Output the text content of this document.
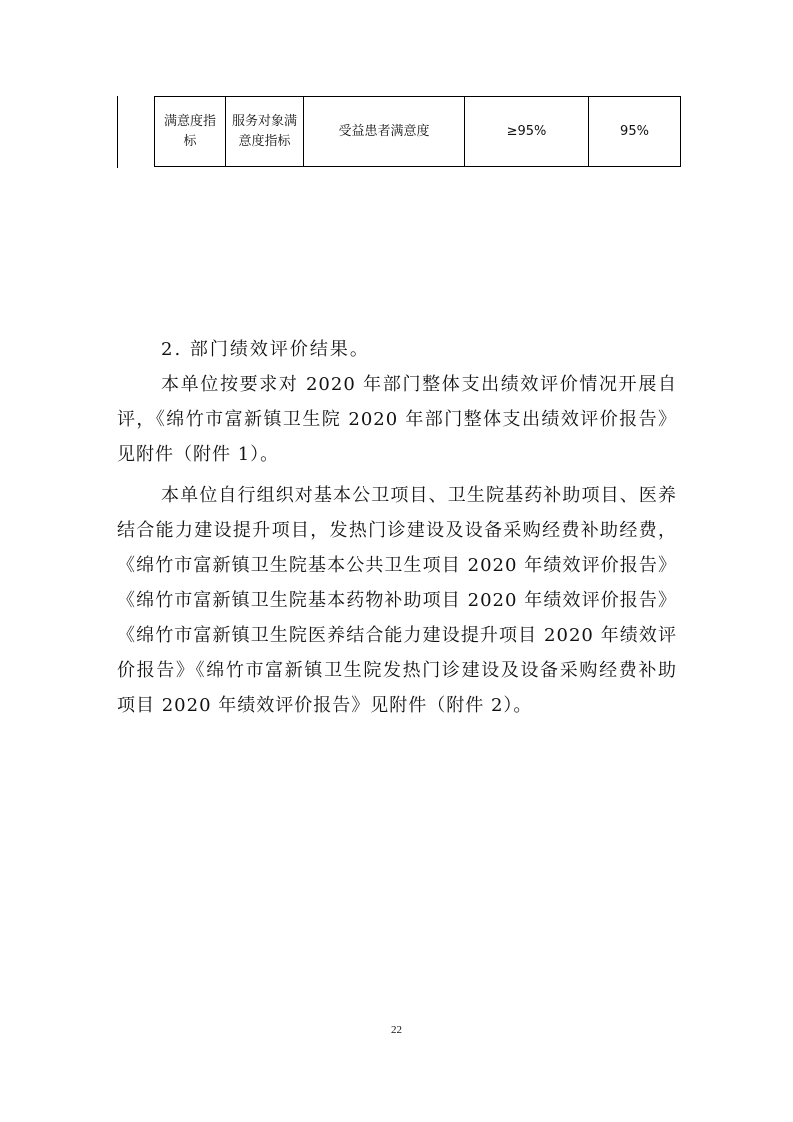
满意度指标	服务对象满意度指标	受益患者满意度	≥95%	95%
2. 部门绩效评价结果。

本单位按要求对 2020 年部门整体支出绩效评价情况开展自评，《绵竹市富新镇卫生院 2020 年部门整体支出绩效评价报告》见附件（附件 1）。

本单位自行组织对基本公卫项目、卫生院基药补助项目、医养结合能力建设提升项目，发热门诊建设及设备采购经费补助经费，《绵竹市富新镇卫生院基本公共卫生项目 2020 年绩效评价报告》《绵竹市富新镇卫生院基本药物补助项目 2020 年绩效评价报告》《绵竹市富新镇卫生院医养结合能力建设提升项目 2020 年绩效评价报告》《绵竹市富新镇卫生院发热门诊建设及设备采购经费补助项目 2020 年绩效评价报告》见附件（附件 2）。

22
